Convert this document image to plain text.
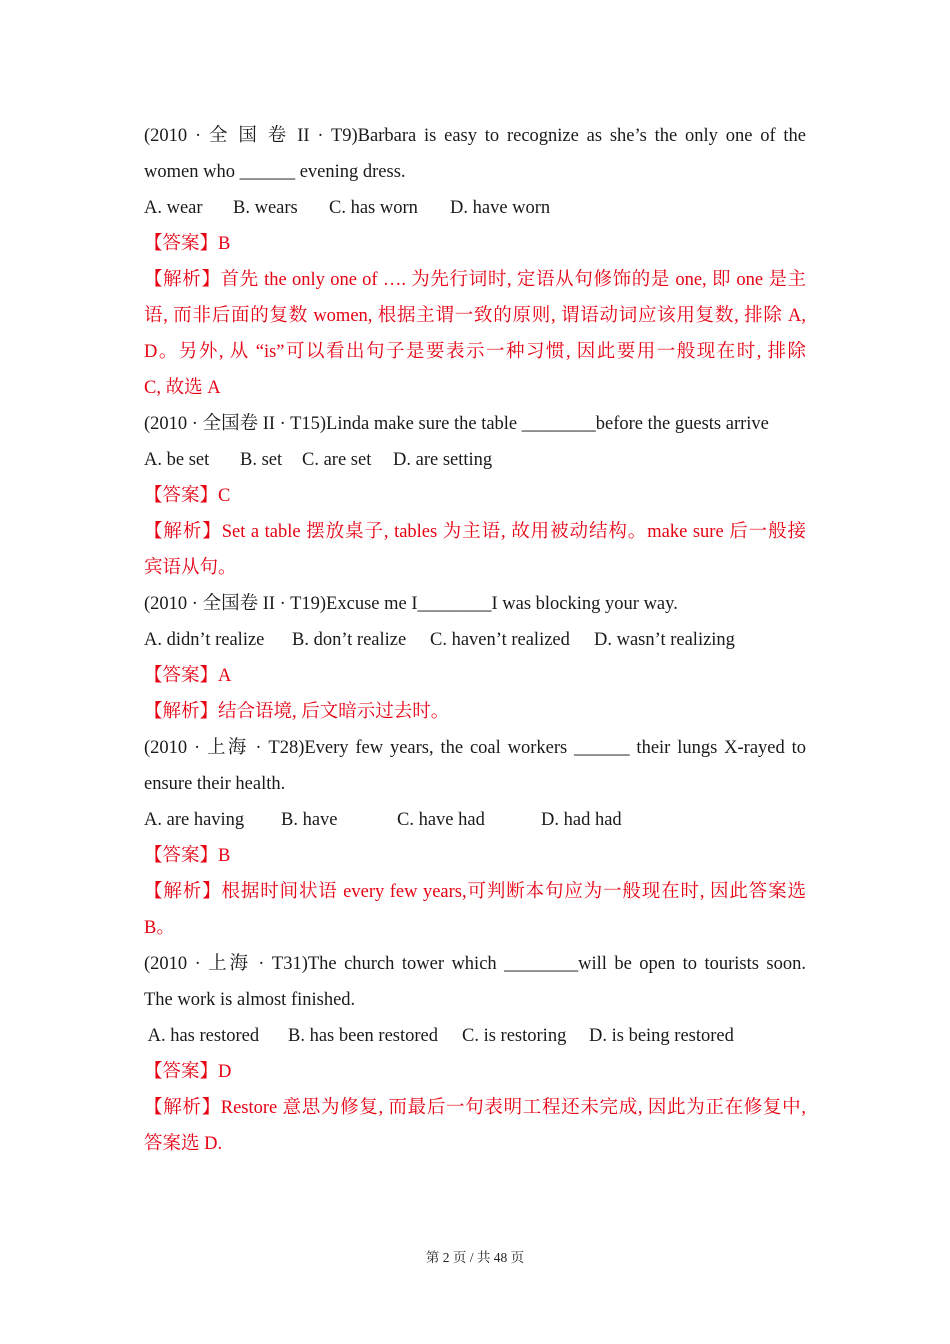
(2010 · 全 国 卷 II · T9)Barbara is easy to recognize as she’s the only one of the
women who ______ evening dress.
A. wear B. wears C. has worn D. have worn
【答案】B
【解析】首先 the only one of …. 为先行词时, 定语从句修饰的是 one, 即 one 是主
语, 而非后面的复数 women, 根据主谓一致的原则, 谓语动词应该用复数, 排除 A,
D。另外, 从 “is”可以看出句子是要表示一种习惯, 因此要用一般现在时, 排除
C, 故选 A
(2010 · 全国卷 II · T15)Linda make sure the table ________before the guests arrive
A. be set B. set C. are set D. are setting
【答案】C
【解析】Set a table 摆放桌子, tables 为主语, 故用被动结构。make sure 后一般接
宾语从句。
(2010 · 全国卷 II · T19)Excuse me I________I was blocking your way.
A. didn’t realize B. don’t realize C. haven’t realized D. wasn’t realizing
【答案】A
【解析】结合语境, 后文暗示过去时。
(2010 · 上海 · T28)Every few years, the coal workers ______ their lungs X-rayed to
ensure their health.
A. are having B. have	C. have had	D. had had
【答案】B
【解析】根据时间状语 every few years,可判断本句应为一般现在时, 因此答案选
B。
(2010 · 上海 · T31)The church tower which ________will be open to tourists soon.
The work is almost finished.
A. has restored B. has been restored C. is restoring D. is being restored
【答案】D
【解析】Restore 意思为修复, 而最后一句表明工程还未完成, 因此为正在修复中,
答案选 D.
第 2 页 / 共 48 页
